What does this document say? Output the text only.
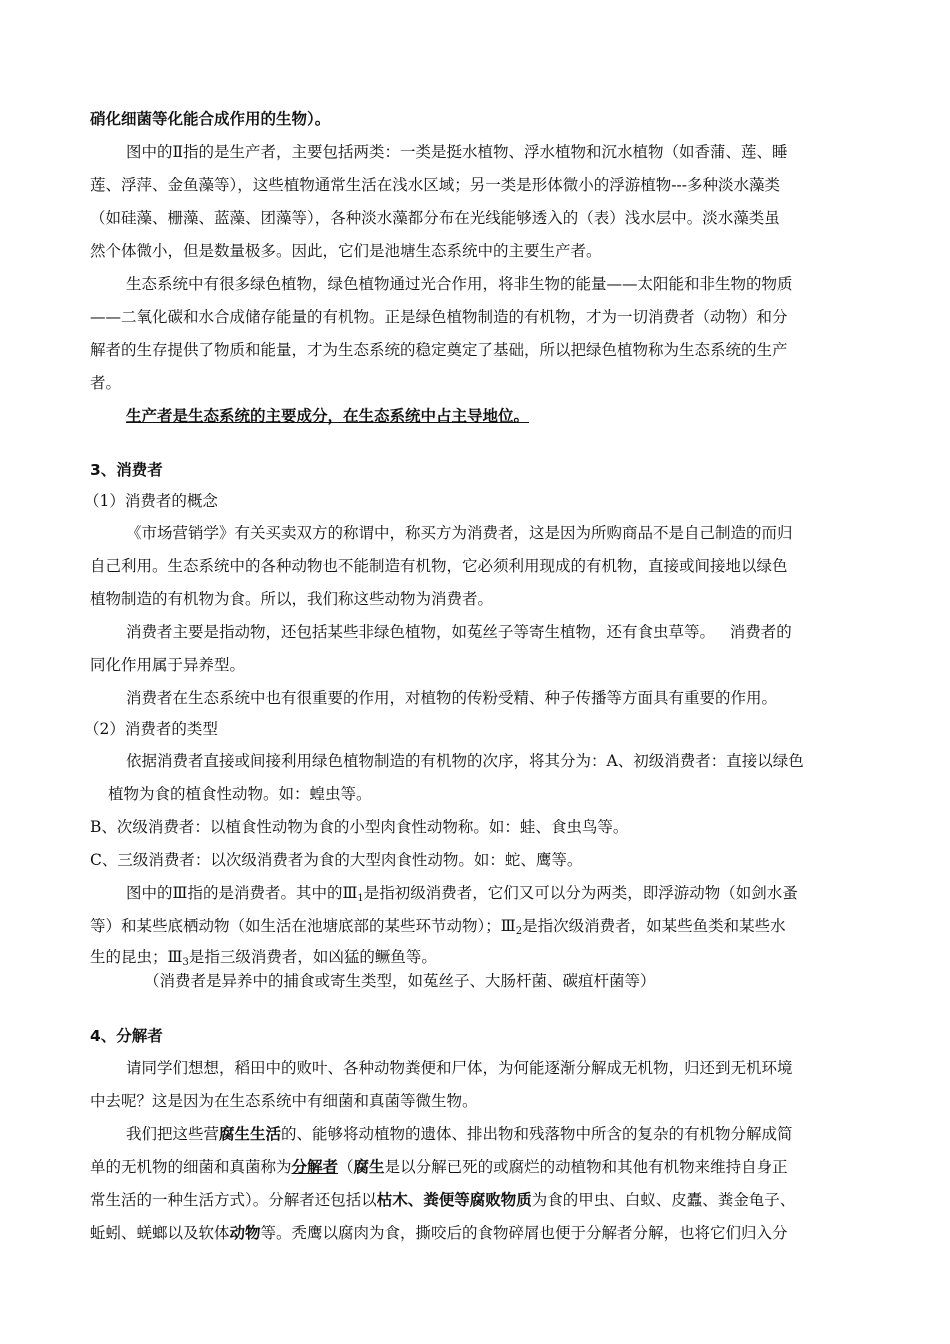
硝化细菌等化能合成作用的生物）。
图中的Ⅱ指的是生产者，主要包括两类：一类是挺水植物、浮水植物和沉水植物（如香蒲、莲、睡
莲、浮萍、金鱼藻等），这些植物通常生活在浅水区域；另一类是形体微小的浮游植物---多种淡水藻类
（如硅藻、栅藻、蓝藻、团藻等），各种淡水藻都分布在光线能够透入的（表）浅水层中。淡水藻类虽
然个体微小，但是数量极多。因此，它们是池塘生态系统中的主要生产者。
生态系统中有很多绿色植物，绿色植物通过光合作用，将非生物的能量——太阳能和非生物的物质
——二氧化碳和水合成储存能量的有机物。正是绿色植物制造的有机物，才为一切消费者（动物）和分
解者的生存提供了物质和能量，才为生态系统的稳定奠定了基础，所以把绿色植物称为生态系统的生产
者。
生产者是生态系统的主要成分，在生态系统中占主导地位。
3、消费者
（1）消费者的概念
《市场营销学》有关买卖双方的称谓中，称买方为消费者，这是因为所购商品不是自己制造的而归
自己利用。生态系统中的各种动物也不能制造有机物，它必须利用现成的有机物，直接或间接地以绿色
植物制造的有机物为食。所以，我们称这些动物为消费者。
消费者主要是指动物，还包括某些非绿色植物，如菟丝子等寄生植物，还有食虫草等。   消费者的
同化作用属于异养型。
消费者在生态系统中也有很重要的作用，对植物的传粉受精、种子传播等方面具有重要的作用。
（2）消费者的类型
依据消费者直接或间接利用绿色植物制造的有机物的次序，将其分为：A、初级消费者：直接以绿色
植物为食的植食性动物。如：蝗虫等。
B、次级消费者：以植食性动物为食的小型肉食性动物称。如：蛙、食虫鸟等。
C、三级消费者：以次级消费者为食的大型肉食性动物。如：蛇、鹰等。
图中的Ⅲ指的是消费者。其中的$Ⅲ_1$是指初级消费者，它们又可以分为两类，即浮游动物（如剑水蚤
等）和某些底栖动物（如生活在池塘底部的某些环节动物）；$Ⅲ_2$是指次级消费者，如某些鱼类和某些水
生的昆虫；$Ⅲ_3$是指三级消费者，如凶猛的鳜鱼等。
（消费者是异养中的捕食或寄生类型，如菟丝子、大肠杆菌、碳疽杆菌等）
4、分解者
请同学们想想，稻田中的败叶、各种动物粪便和尸体，为何能逐渐分解成无机物，归还到无机环境
中去呢？这是因为在生态系统中有细菌和真菌等微生物。
我们把这些营腐生生活的、能够将动植物的遗体、排出物和残落物中所含的复杂的有机物分解成简
单的无机物的细菌和真菌称为分解者（腐生是以分解已死的或腐烂的动植物和其他有机物来维持自身正
常生活的一种生活方式）。分解者还包括以枯木、粪便等腐败物质为食的甲虫、白蚁、皮蠹、粪金龟子、
蚯蚓、蜣螂以及软体动物等。秃鹰以腐肉为食，撕咬后的食物碎屑也便于分解者分解，也将它们归入分
